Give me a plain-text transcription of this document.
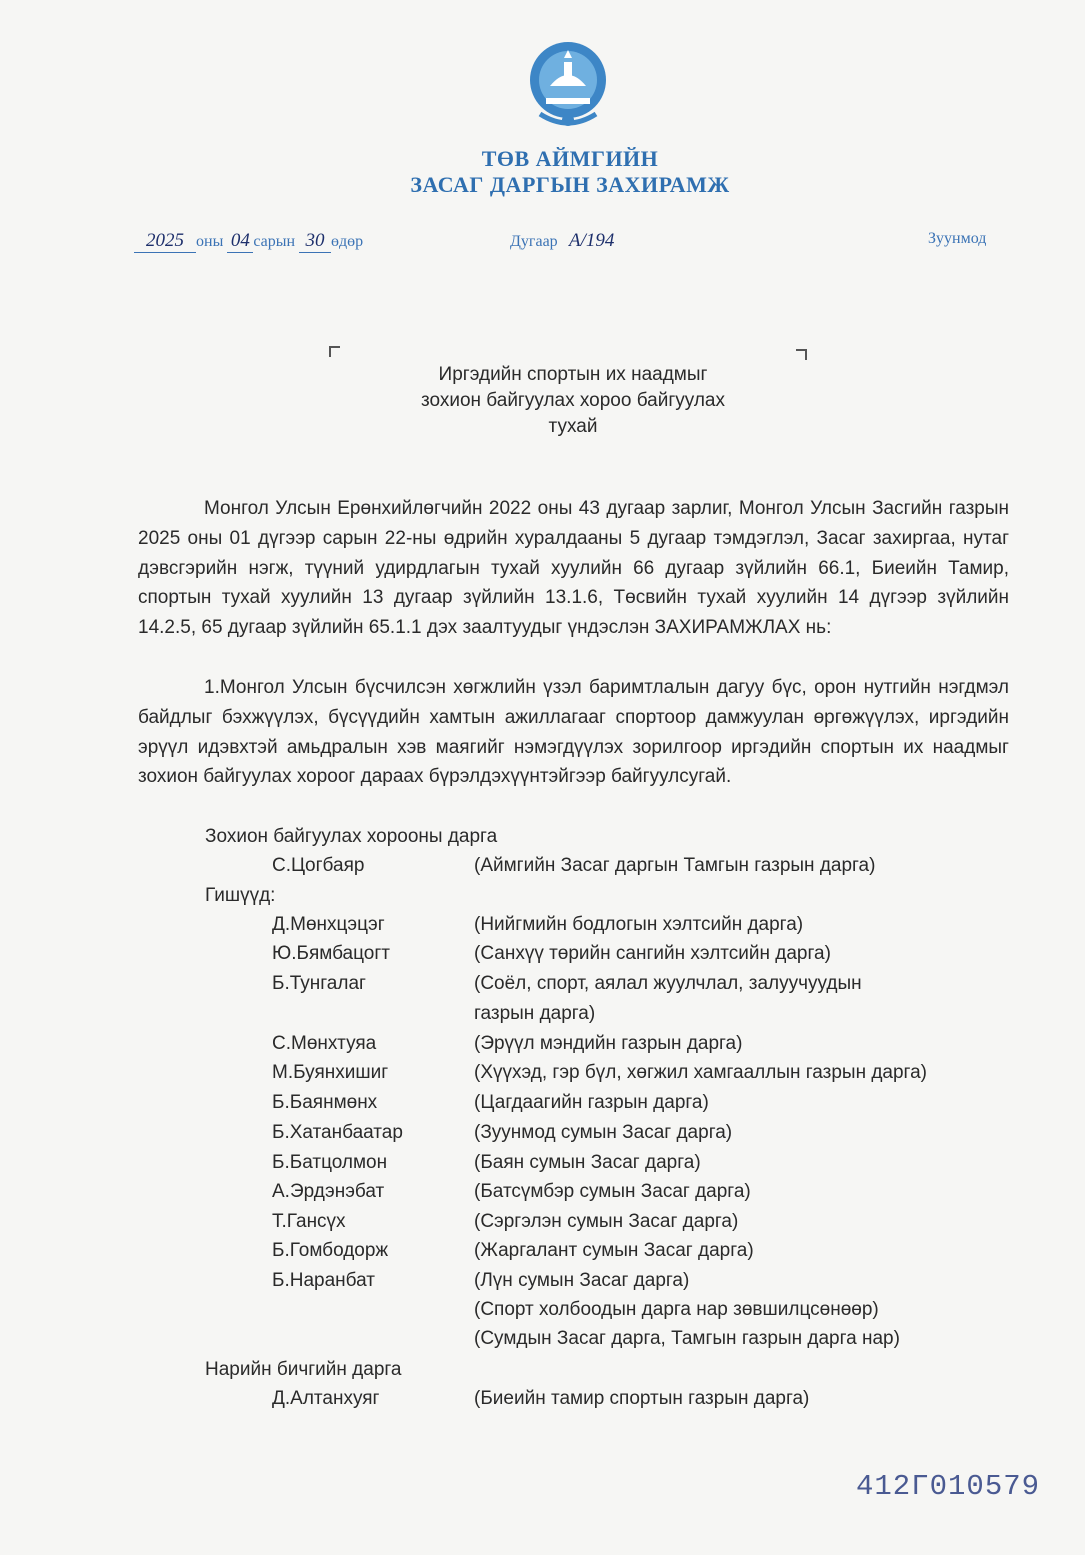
ТӨВ АЙМГИЙН
ЗАСАГ ДАРГЫН ЗАХИРАМЖ
2025 оны 04 сарын 30 өдөр	Дугаар А/194	Зуунмод
Иргэдийн спортын их наадмыг
зохион байгуулах хороо байгуулах
тухай
Монгол Улсын Ерөнхийлөгчийн 2022 оны 43 дугаар зарлиг, Монгол Улсын Засгийн газрын 2025 оны 01 дүгээр сарын 22-ны өдрийн хуралдааны 5 дугаар тэмдэглэл, Засаг захиргаа, нутаг дэвсгэрийн нэгж, түүний удирдлагын тухай хуулийн 66 дугаар зүйлийн 66.1, Биеийн Тамир, спортын тухай хуулийн 13 дугаар зүйлийн 13.1.6, Төсвийн тухай хуулийн 14 дүгээр зүйлийн 14.2.5, 65 дугаар зүйлийн 65.1.1 дэх заалтуудыг үндэслэн ЗАХИРАМЖЛАХ нь:
1.Монгол Улсын бүсчилсэн хөгжлийн үзэл баримтлалын дагуу бүс, орон нутгийн нэгдмэл байдлыг бэхжүүлэх, бүсүүдийн хамтын ажиллагааг спортоор дамжуулан өргөжүүлэх, иргэдийн эрүүл идэвхтэй амьдралын хэв маягийг нэмэгдүүлэх зорилгоор иргэдийн спортын их наадмыг зохион байгуулах хороог дараах бүрэлдэхүүнтэйгээр байгуулсугай.
Зохион байгуулах хорооны дарга
С.Цогбаяр	(Аймгийн Засаг даргын Тамгын газрын дарга)
Гишүүд:
Д.Мөнхцэцэг	(Нийгмийн бодлогын хэлтсийн дарга)
Ю.Бямбацогт	(Санхүү төрийн сангийн хэлтсийн дарга)
Б.Тунгалаг	(Соёл, спорт, аялал жуулчлал, залуучуудын
газрын дарга)
С.Мөнхтуяа	(Эрүүл мэндийн газрын дарга)
М.Буянхишиг	(Хүүхэд, гэр бүл, хөгжил хамгааллын газрын дарга)
Б.Баянмөнх	(Цагдаагийн газрын дарга)
Б.Хатанбаатар	(Зуунмод сумын Засаг дарга)
Б.Батцолмон	(Баян сумын Засаг дарга)
А.Эрдэнэбат	(Батсүмбэр сумын Засаг дарга)
Т.Гансүх	(Сэргэлэн сумын Засаг дарга)
Б.Гомбодорж	(Жаргалант сумын Засаг дарга)
Б.Наранбат	(Лүн сумын Засаг дарга)
(Спорт холбоодын дарга нар зөвшилцсөнөөр)
(Сумдын Засаг дарга, Тамгын газрын дарга нар)
Нарийн бичгийн дарга
Д.Алтанхуяг	(Биеийн тамир спортын газрын дарга)
412Г010579
